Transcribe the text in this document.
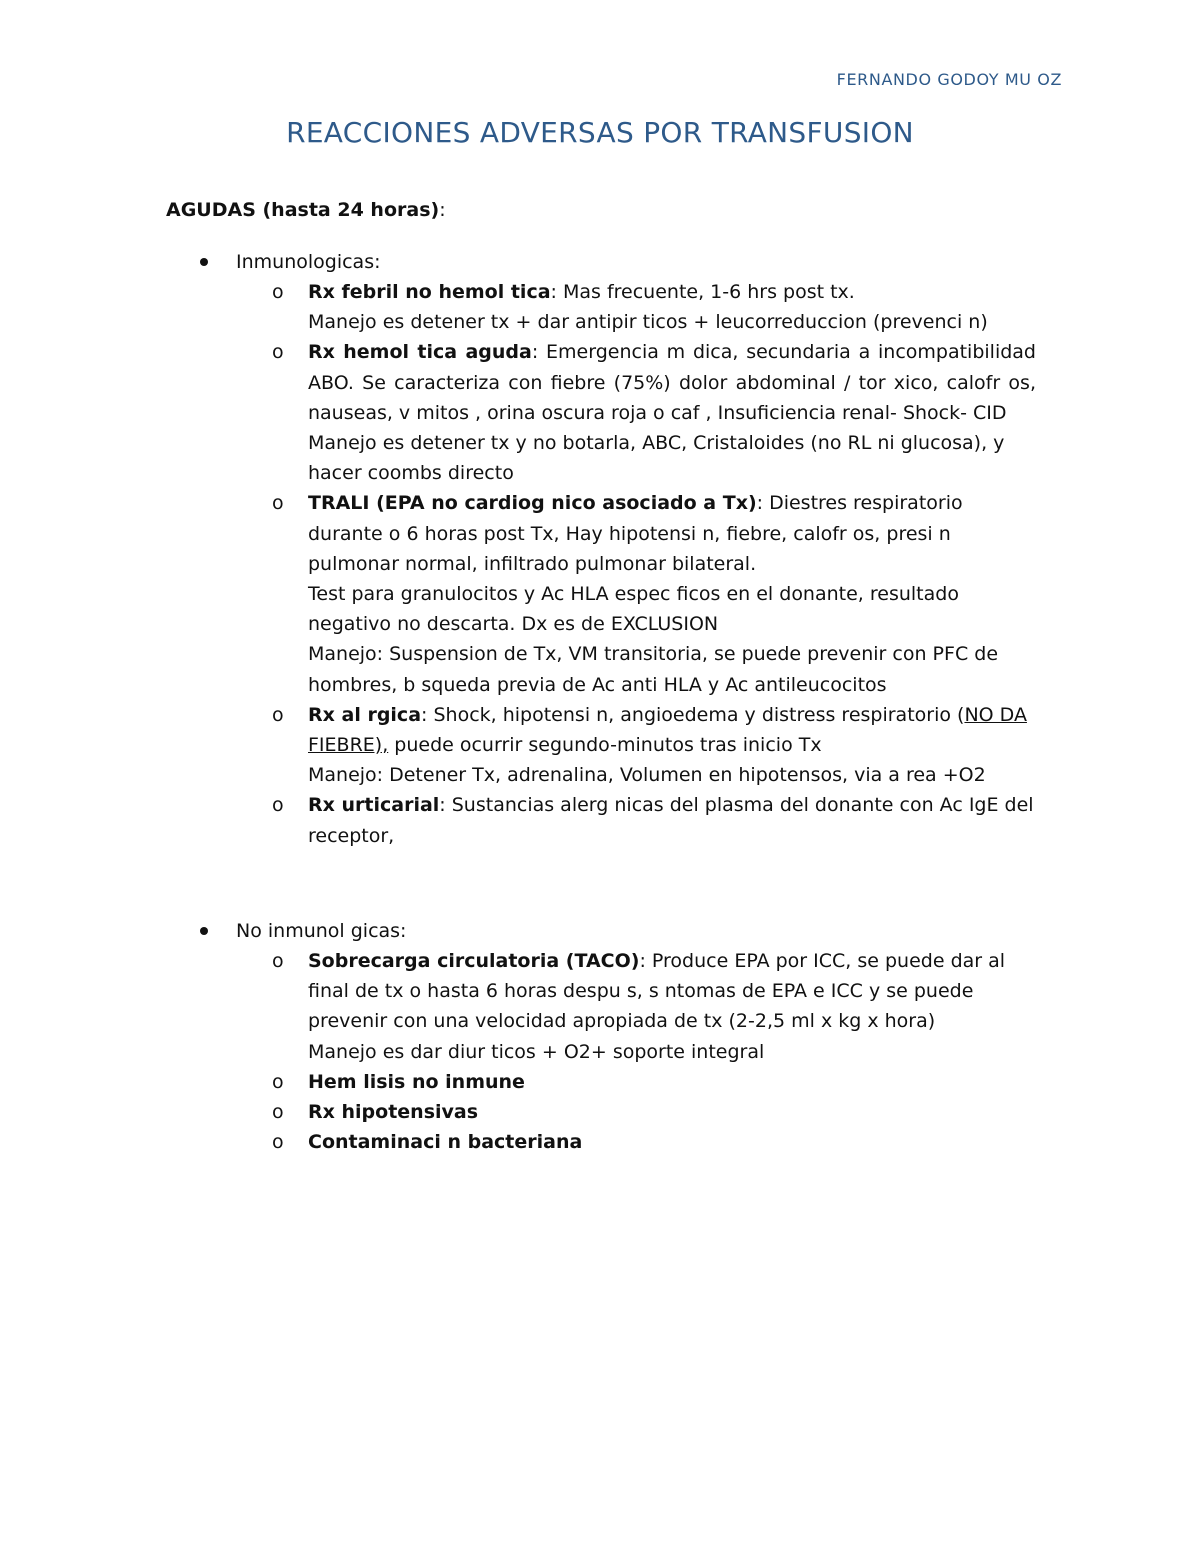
FERNANDO GODOY MU OZ
REACCIONES ADVERSAS POR TRANSFUSION
AGUDAS (hasta 24 horas):
Inmunologicas:
o Rx febril no hemol tica: Mas frecuente, 1-6 hrs post tx.

Manejo es detener tx + dar antipir ticos + leucorreduccion (prevenci n)

o Rx hemol tica aguda: Emergencia m dica, secundaria a incompatibilidad ABO. Se caracteriza con fiebre (75%) dolor abdominal / tor xico, calofr os, nauseas, v mitos , orina oscura roja o caf , Insuficiencia renal- Shock- CID

Manejo es detener tx y no botarla, ABC, Cristaloides (no RL ni glucosa), y hacer coombs directo

o TRALI (EPA no cardiog nico asociado a Tx): Diestres respiratorio durante o 6 horas post Tx, Hay hipotensi n, fiebre, calofr os, presi n pulmonar normal, infiltrado pulmonar bilateral.

Test para granulocitos y Ac HLA espec ficos en el donante, resultado negativo no descarta. Dx es de EXCLUSION

Manejo: Suspension de Tx, VM transitoria, se puede prevenir con PFC de hombres, b squeda previa de Ac anti HLA y Ac antileucocitos

o Rx al rgica: Shock, hipotensi n, angioedema y distress respiratorio (NO DA FIEBRE), puede ocurrir segundo-minutos tras inicio Tx

Manejo: Detener Tx, adrenalina, Volumen en hipotensos, via a rea +O2

o Rx urticarial: Sustancias alerg nicas del plasma del donante con Ac IgE del receptor,

No inmunol gicas:
o Sobrecarga circulatoria (TACO): Produce EPA por ICC, se puede dar al final de tx o hasta 6 horas despu s, s ntomas de EPA e ICC y se puede prevenir con una velocidad apropiada de tx (2-2,5 ml x kg x hora)

Manejo es dar diur ticos + O2+ soporte integral

o Hem lisis no inmune

o Rx hipotensivas

o Contaminaci n bacteriana
